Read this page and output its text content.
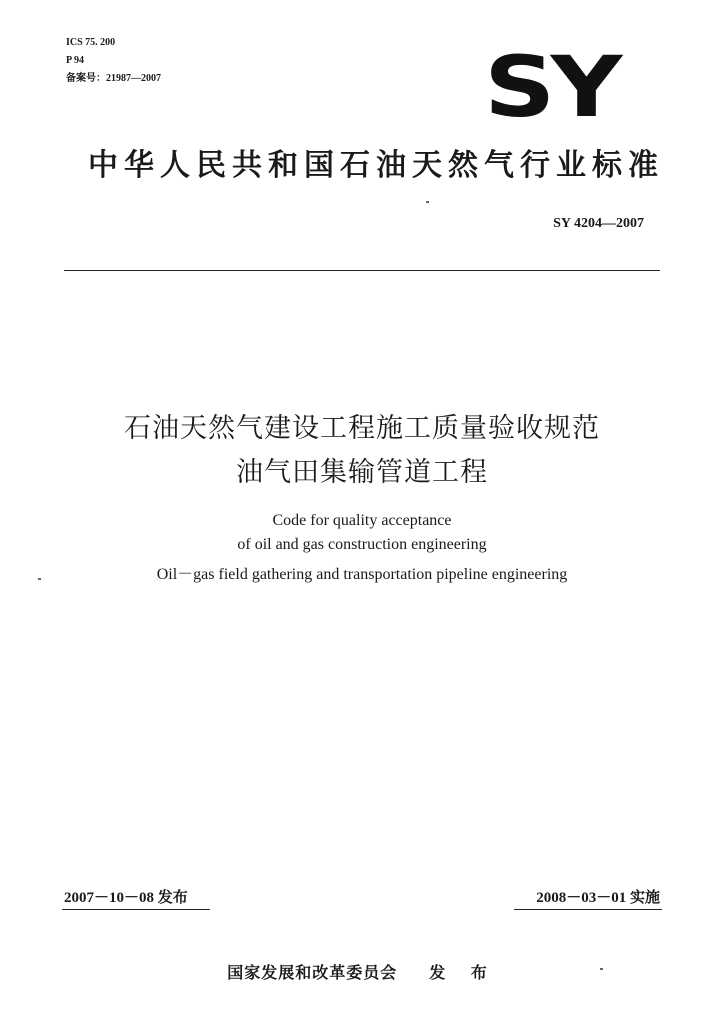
ICS 75. 200
P 94
备案号：21987—2007	SY
中华人民共和国石油天然气行业标准
SY 4204—2007
石油天然气建设工程施工质量验收规范
油气田集输管道工程
Code for quality acceptance
of oil and gas construction engineering
Oil－gas field gathering and transportation pipeline engineering
2007－10－08 发布	2008－03－01 实施
国家发展和改革委员会 发 布
